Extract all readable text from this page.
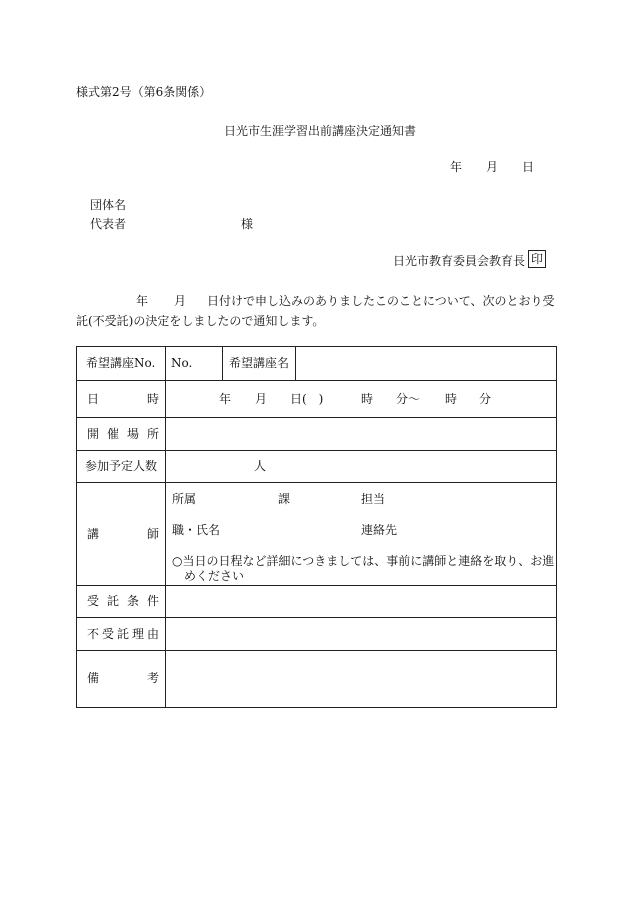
様式第2号（第6条関係）
日光市生涯学習出前講座決定通知書
年 月 日
団体名
代表者	様
日光市教育委員会教育長 印
年 月 日付けで申し込みのありましたこのことについて、次のとおり受
託(不受託)の決定をしましたので通知します。
希望講座No. No.	希望講座名
日	時	年 月 日(　)	時 分～ 時 分
開 催 場 所
参加予定人数	人
講	師
所属	課	担当
職・氏名	連絡先
○当日の日程など詳細につきましては、事前に講師と連絡を取り、お進
めください
受 託 条 件
不 受 託 理 由
備	考
